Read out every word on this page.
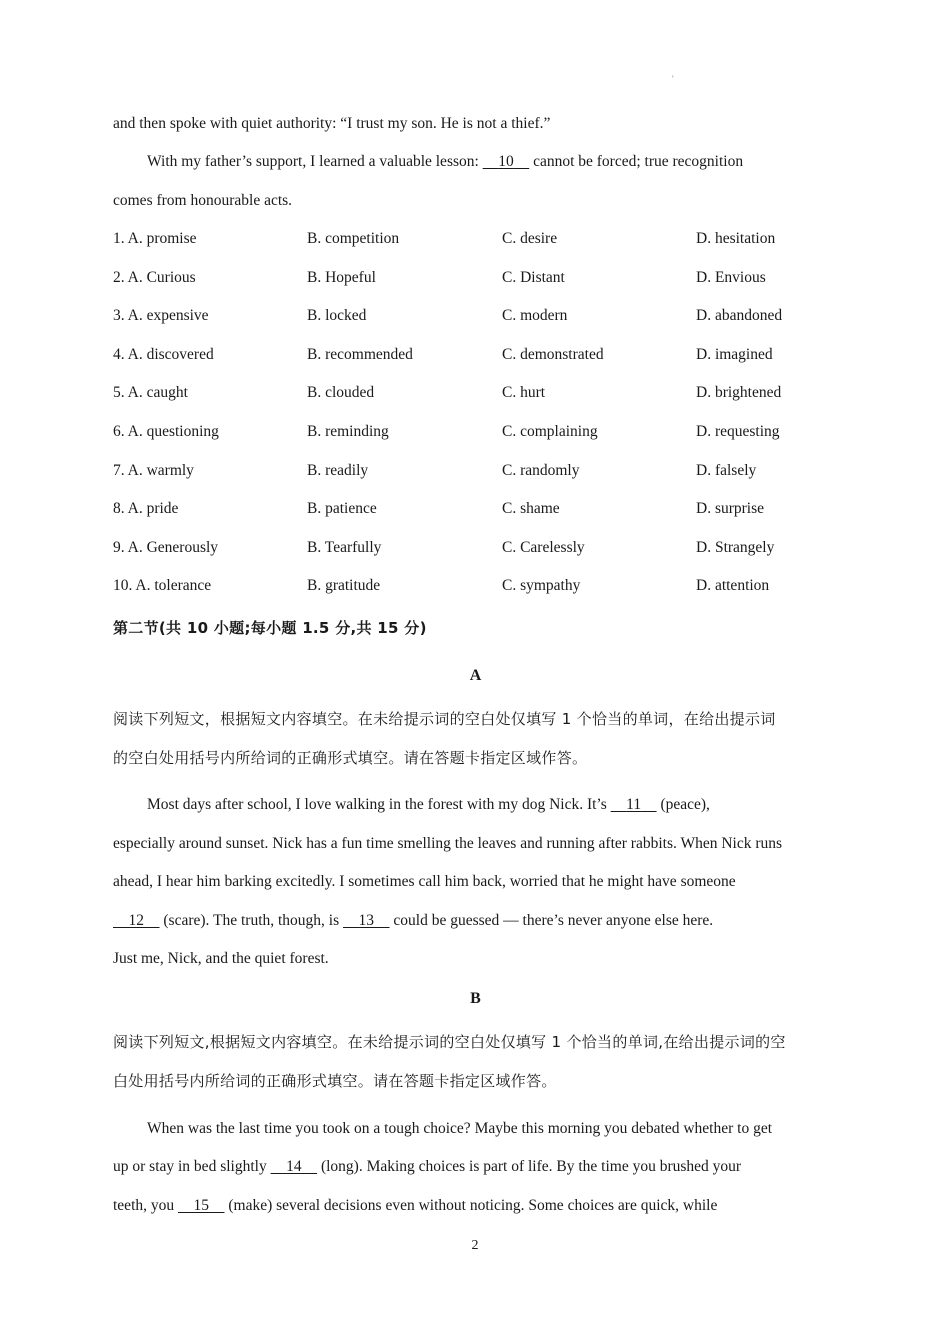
'
and then spoke with quiet authority: “I trust my son. He is not a thief.”
With my father’s support, I learned a valuable lesson: 10 cannot be forced; true recognition
comes from honourable acts.
1. A. promise	B. competition	C. desire	D. hesitation
2. A. Curious	B. Hopeful	C. Distant	D. Envious
3. A. expensive	B. locked	C. modern	D. abandoned
4. A. discovered	B. recommended	C. demonstrated	D. imagined
5. A. caught	B. clouded	C. hurt	D. brightened
6. A. questioning	B. reminding	C. complaining	D. requesting
7. A. warmly	B. readily	C. randomly	D. falsely
8. A. pride	B. patience	C. shame	D. surprise
9. A. Generously	B. Tearfully	C. Carelessly	D. Strangely
10. A. tolerance	B. gratitude	C. sympathy	D. attention
第二节(共 10 小题;每小题 1.5 分,共 15 分)
A
阅读下列短文，根据短文内容填空。在未给提示词的空白处仅填写 1 个恰当的单词，在给出提示词
的空白处用括号内所给词的正确形式填空。请在答题卡指定区域作答。
Most days after school, I love walking in the forest with my dog Nick. It’s 11 (peace),
especially around sunset. Nick has a fun time smelling the leaves and running after rabbits. When Nick runs
ahead, I hear him barking excitedly. I sometimes call him back, worried that he might have someone
12 (scare). The truth, though, is 13 could be guessed — there’s never anyone else here.
Just me, Nick, and the quiet forest.
B
阅读下列短文,根据短文内容填空。在未给提示词的空白处仅填写 1 个恰当的单词,在给出提示词的空
白处用括号内所给词的正确形式填空。请在答题卡指定区域作答。
When was the last time you took on a tough choice? Maybe this morning you debated whether to get
up or stay in bed slightly 14 (long). Making choices is part of life. By the time you brushed your
teeth, you 15 (make) several decisions even without noticing. Some choices are quick, while
2
